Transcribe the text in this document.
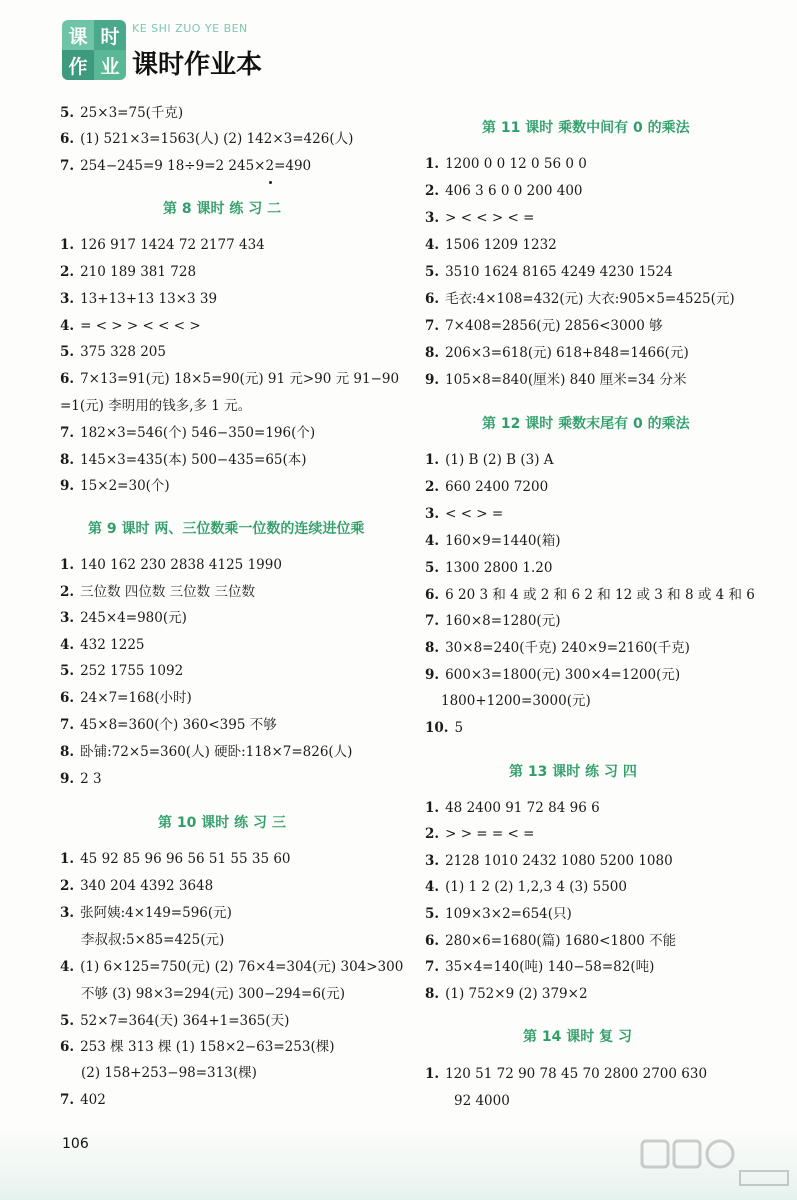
课 时
作 业
KE SHI ZUO YE BEN
课时作业本
5. 25×3=75(千克)
6. (1) 521×3=1563(人) (2) 142×3=426(人)
7. 254−245=9 18÷9=2 245×2=490
第 8 课时 练 习 二
1. 126 917 1424 72 2177 434
2. 210 189 381 728
3. 13+13+13 13×3 39
4. = < > > < < < >
5. 375 328 205
6. 7×13=91(元) 18×5=90(元) 91 元>90 元 91−90
=1(元) 李明用的钱多,多 1 元。
7. 182×3=546(个) 546−350=196(个)
8. 145×3=435(本) 500−435=65(本)
9. 15×2=30(个)
第 9 课时 两、三位数乘一位数的连续进位乘
1. 140 162 230 2838 4125 1990
2. 三位数 四位数 三位数 三位数
3. 245×4=980(元)
4. 432 1225
5. 252 1755 1092
6. 24×7=168(小时)
7. 45×8=360(个) 360<395 不够
8. 卧铺:72×5=360(人) 硬卧:118×7=826(人)
9. 2 3
第 10 课时 练 习 三
1. 45 92 85 96 96 56 51 55 35 60
2. 340 204 4392 3648
3. 张阿姨:4×149=596(元)
李叔叔:5×85=425(元)
4. (1) 6×125=750(元) (2) 76×4=304(元) 304>300
不够 (3) 98×3=294(元) 300−294=6(元)
5. 52×7=364(天) 364+1=365(天)
6. 253 棵 313 棵 (1) 158×2−63=253(棵)
(2) 158+253−98=313(棵)
7. 402
第 11 课时 乘数中间有 0 的乘法
1. 1200 0 0 12 0 56 0 0
2. 406 3 6 0 0 200 400
3. > < < > < =
4. 1506 1209 1232
5. 3510 1624 8165 4249 4230 1524
6. 毛衣:4×108=432(元) 大衣:905×5=4525(元)
7. 7×408=2856(元) 2856<3000 够
8. 206×3=618(元) 618+848=1466(元)
9. 105×8=840(厘米) 840 厘米=34 分米
第 12 课时 乘数末尾有 0 的乘法
1. (1) B (2) B (3) A
2. 660 2400 7200
3. < < > =
4. 160×9=1440(箱)
5. 1300 2800 1.20
6. 6 20 3 和 4 或 2 和 6 2 和 12 或 3 和 8 或 4 和 6
7. 160×8=1280(元)
8. 30×8=240(千克) 240×9=2160(千克)
9. 600×3=1800(元) 300×4=1200(元)
1800+1200=3000(元)
10. 5
第 13 课时 练 习 四
1. 48 2400 91 72 84 96 6
2. > > = = < =
3. 2128 1010 2432 1080 5200 1080
4. (1) 1 2 (2) 1,2,3 4 (3) 5500
5. 109×3×2=654(只)
6. 280×6=1680(篇) 1680<1800 不能
7. 35×4=140(吨) 140−58=82(吨)
8. (1) 752×9 (2) 379×2
第 14 课时 复 习
1. 120 51 72 90 78 45 70 2800 2700 630
92 4000
106
